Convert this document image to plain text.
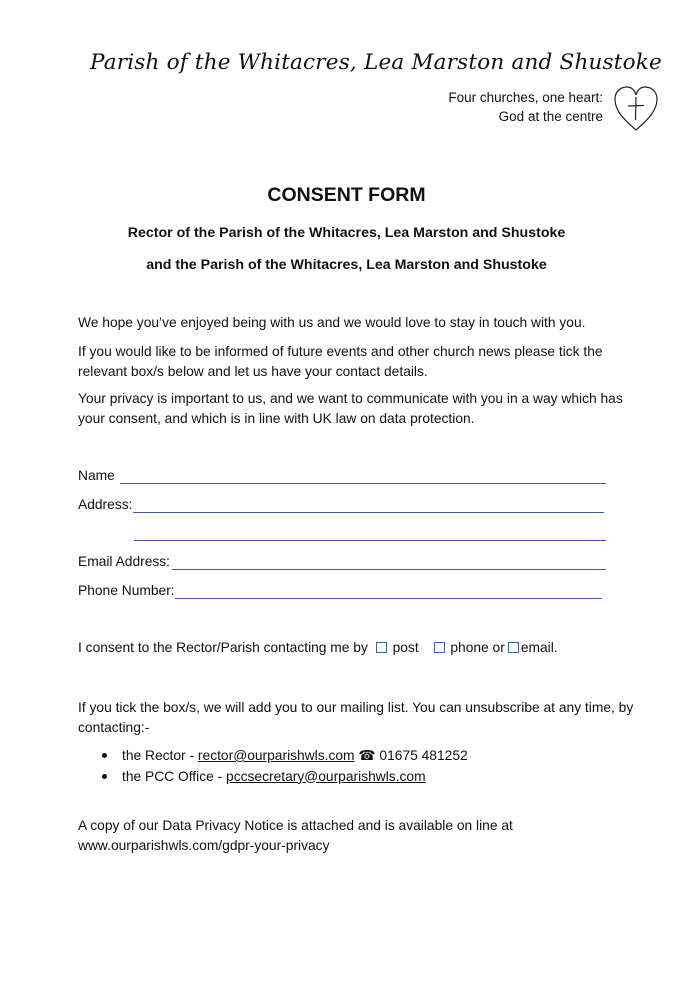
Parish of the Whitacres, Lea Marston and Shustoke
Four churches, one heart:
God at the centre
CONSENT FORM
Rector of the Parish of the Whitacres, Lea Marston and Shustoke
and the Parish of the Whitacres, Lea Marston and Shustoke
We hope you’ve enjoyed being with us and we would love to stay in touch with you.
If you would like to be informed of future events and other church news please tick the relevant box/s below and let us have your contact details.
Your privacy is important to us, and we want to communicate with you in a way which has your consent, and which is in line with UK law on data protection.
Name
Address:
Email Address:
Phone Number:
I consent to the Rector/Parish contacting me by post phone or email.
If you tick the box/s, we will add you to our mailing list. You can unsubscribe at any time, by contacting:-
the Rector - rector@ourparishwls.com ☎ 01675 481252
the PCC Office - pccsecretary@ourparishwls.com
A copy of our Data Privacy Notice is attached and is available on line at
www.ourparishwls.com/gdpr-your-privacy
